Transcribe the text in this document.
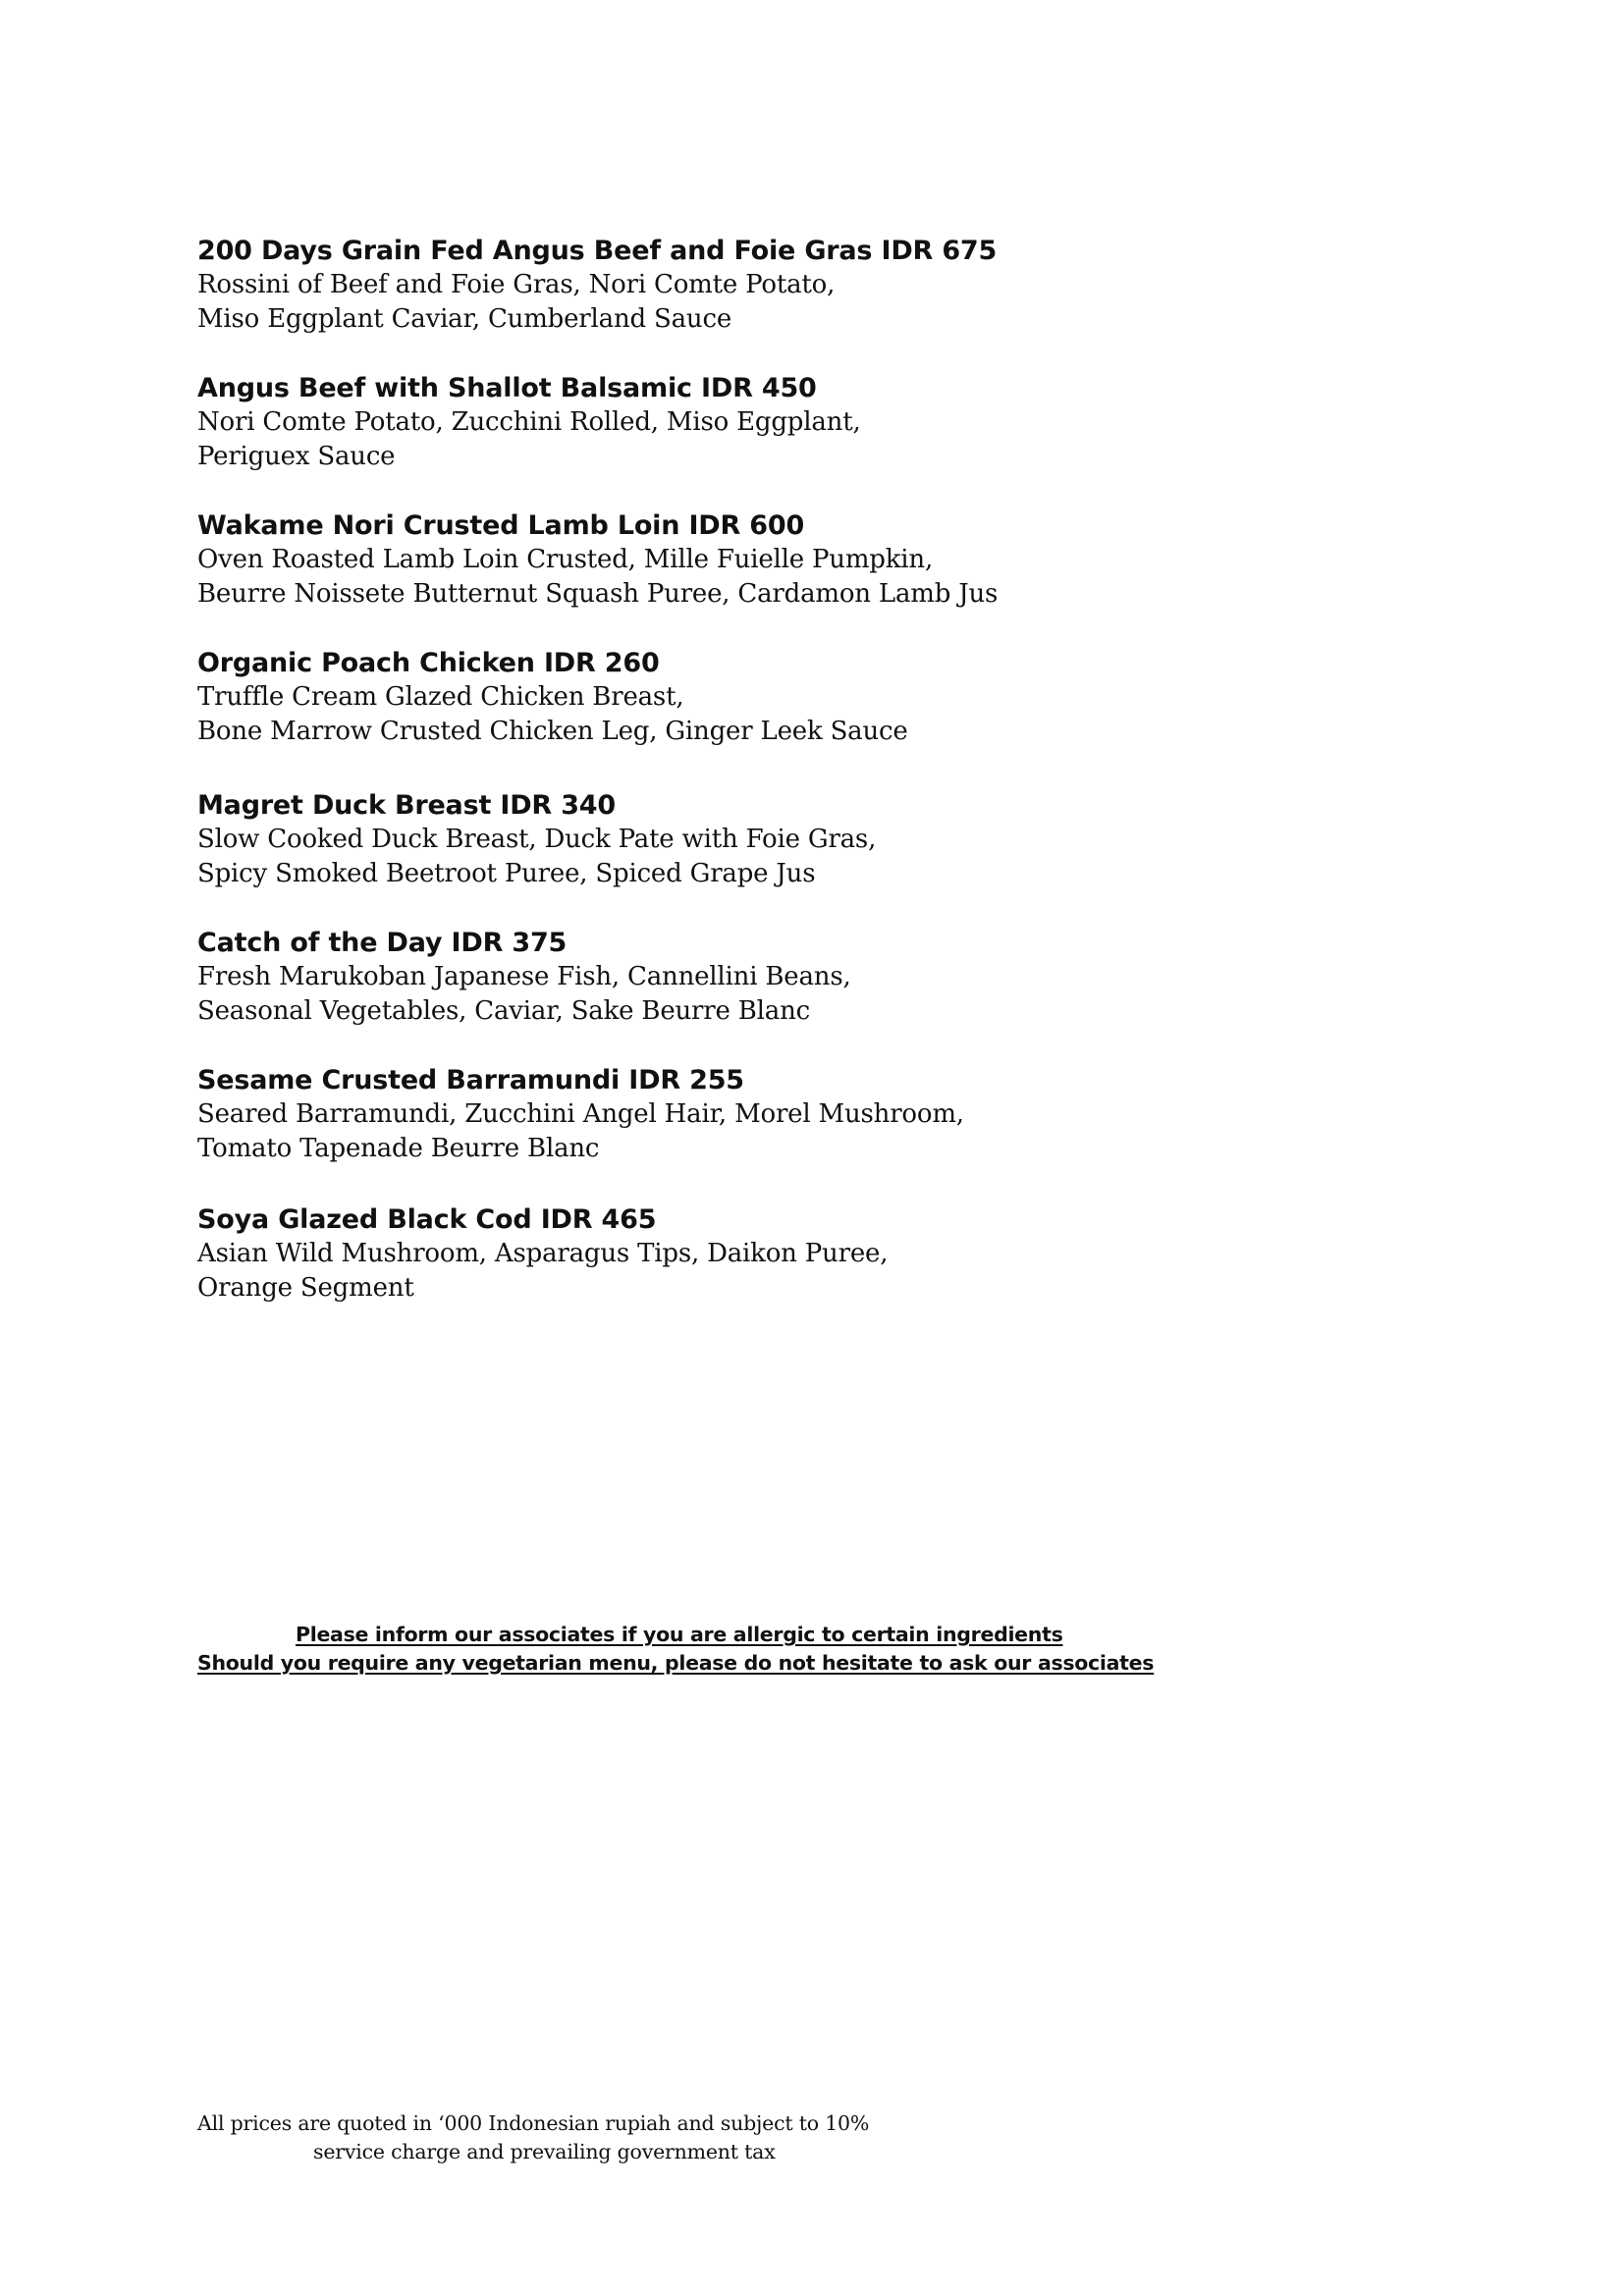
200 Days Grain Fed Angus Beef and Foie Gras IDR 675
Rossini of Beef and Foie Gras, Nori Comte Potato,
Miso Eggplant Caviar, Cumberland Sauce
Angus Beef with Shallot Balsamic IDR 450
Nori Comte Potato, Zucchini Rolled, Miso Eggplant,
Periguex Sauce
Wakame Nori Crusted Lamb Loin IDR 600
Oven Roasted Lamb Loin Crusted, Mille Fuielle Pumpkin,
Beurre Noissete Butternut Squash Puree, Cardamon Lamb Jus
Organic Poach Chicken IDR 260
Truffle Cream Glazed Chicken Breast,
Bone Marrow Crusted Chicken Leg, Ginger Leek Sauce
Magret Duck Breast IDR 340
Slow Cooked Duck Breast, Duck Pate with Foie Gras,
Spicy Smoked Beetroot Puree, Spiced Grape Jus
Catch of the Day IDR 375
Fresh Marukoban Japanese Fish, Cannellini Beans,
Seasonal Vegetables, Caviar, Sake Beurre Blanc
Sesame Crusted Barramundi IDR 255
Seared Barramundi, Zucchini Angel Hair, Morel Mushroom,
Tomato Tapenade Beurre Blanc
Soya Glazed Black Cod IDR 465
Asian Wild Mushroom, Asparagus Tips, Daikon Puree,
Orange Segment
Please inform our associates if you are allergic to certain ingredients
Should you require any vegetarian menu, please do not hesitate to ask our associates
All prices are quoted in ‘000 Indonesian rupiah and subject to 10%
service charge and prevailing government tax
